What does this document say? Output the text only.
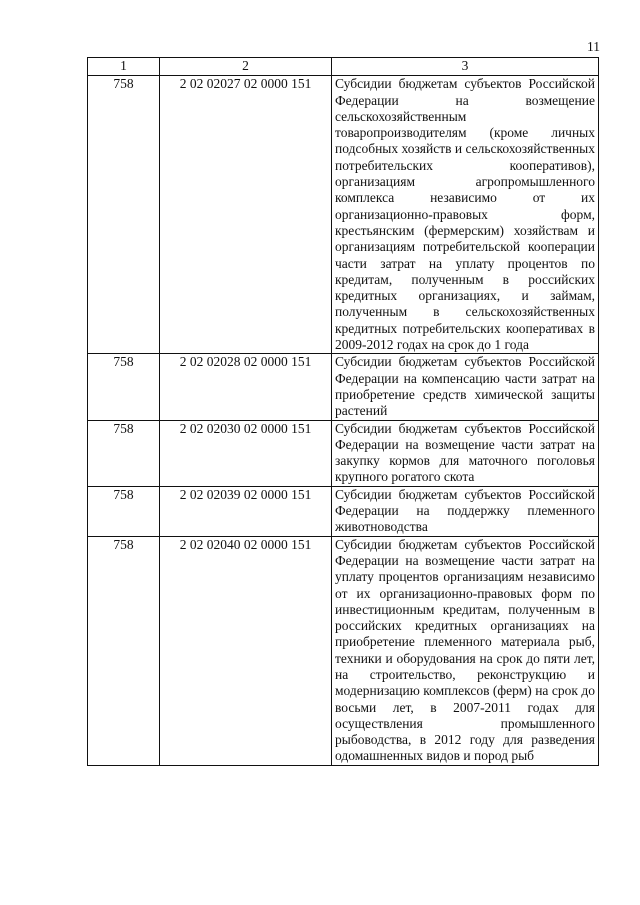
11
1	2	3
758	2 02 02027 02 0000 151	Субсидии бюджетам субъектов Российской Федерации на возмещение сельскохозяйственным товаропроизводителям (кроме личных подсобных хозяйств и сельскохозяйственных потребительских кооперативов), организациям агропромышленного комплекса независимо от их организационно-правовых форм, крестьянским (фермерским) хозяйствам и организациям потребительской кооперации части затрат на уплату процентов по кредитам, полученным в российских кредитных организациях, и займам, полученным в сельскохозяйственных кредитных потребительских кооперативах в 2009-2012 годах на срок до 1 года
758	2 02 02028 02 0000 151	Субсидии бюджетам субъектов Российской Федерации на компенсацию части затрат на приобретение средств химической защиты растений
758	2 02 02030 02 0000 151	Субсидии бюджетам субъектов Российской Федерации на возмещение части затрат на закупку кормов для маточного поголовья крупного рогатого скота
758	2 02 02039 02 0000 151	Субсидии бюджетам субъектов Российской Федерации на поддержку племенного животноводства
758	2 02 02040 02 0000 151	Субсидии бюджетам субъектов Российской Федерации на возмещение части затрат на уплату процентов организациям независимо от их организационно-правовых форм по инвестиционным кредитам, полученным в российских кредитных организациях на приобретение племенного материала рыб, техники и оборудования на срок до пяти лет, на строительство, реконструкцию и модернизацию комплексов (ферм) на срок до восьми лет, в 2007-2011 годах для осуществления промышленного рыбоводства, в 2012 году для разведения одомашненных видов и пород рыб
